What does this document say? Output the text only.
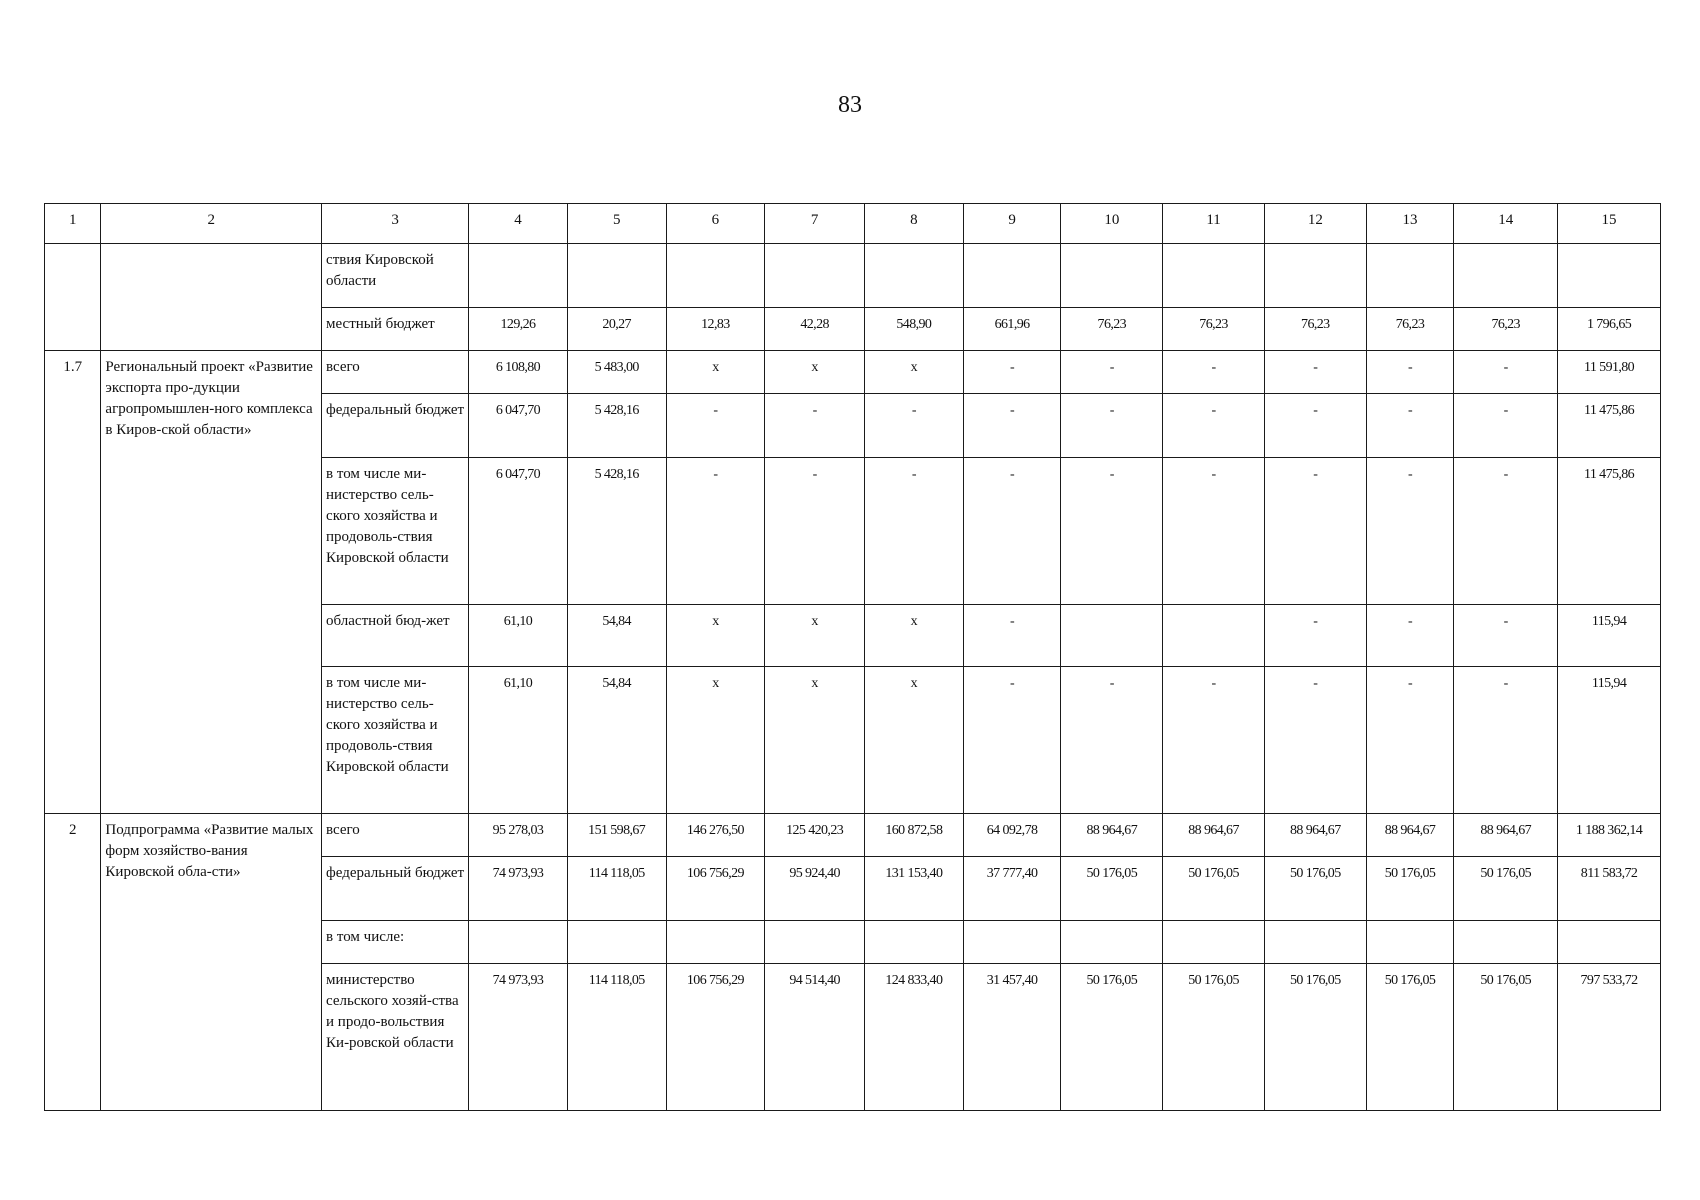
83
1	2	3	4	5	6	7	8	9	10	11	12	13	14	15
		ствия Кировской области												
		местный бюджет	129,26	20,27	12,83	42,28	548,90	661,96	76,23	76,23	76,23	76,23	76,23	1 796,65
1.7	Региональный проект «Развитие экспорта про-дукции агропромышлен-ного комплекса в Киров-ской области»	всего	6 108,80	5 483,00	x	x	x	-	-	-	-	-	-	11 591,80
		федеральный бюджет	6 047,70	5 428,16	-	-	-	-	-	-	-	-	-	11 475,86
		в том числе ми-нистерство сель-ского хозяйства и продоволь-ствия Кировской области	6 047,70	5 428,16	-	-	-	-	-	-	-	-	-	11 475,86
		областной бюд-жет	61,10	54,84	x	x	x	-			-	-	-	115,94
		в том числе ми-нистерство сель-ского хозяйства и продоволь-ствия Кировской области	61,10	54,84	x	x	x	-	-	-	-	-	-	115,94
2	Подпрограмма «Развитие малых форм хозяйство-вания Кировской обла-сти»	всего	95 278,03	151 598,67	146 276,50	125 420,23	160 872,58	64 092,78	88 964,67	88 964,67	88 964,67	88 964,67	88 964,67	1 188 362,14
		федеральный бюджет	74 973,93	114 118,05	106 756,29	95 924,40	131 153,40	37 777,40	50 176,05	50 176,05	50 176,05	50 176,05	50 176,05	811 583,72
		в том числе:												
		министерство сельского хозяй-ства и продо-вольствия Ки-ровской области	74 973,93	114 118,05	106 756,29	94 514,40	124 833,40	31 457,40	50 176,05	50 176,05	50 176,05	50 176,05	50 176,05	797 533,72
